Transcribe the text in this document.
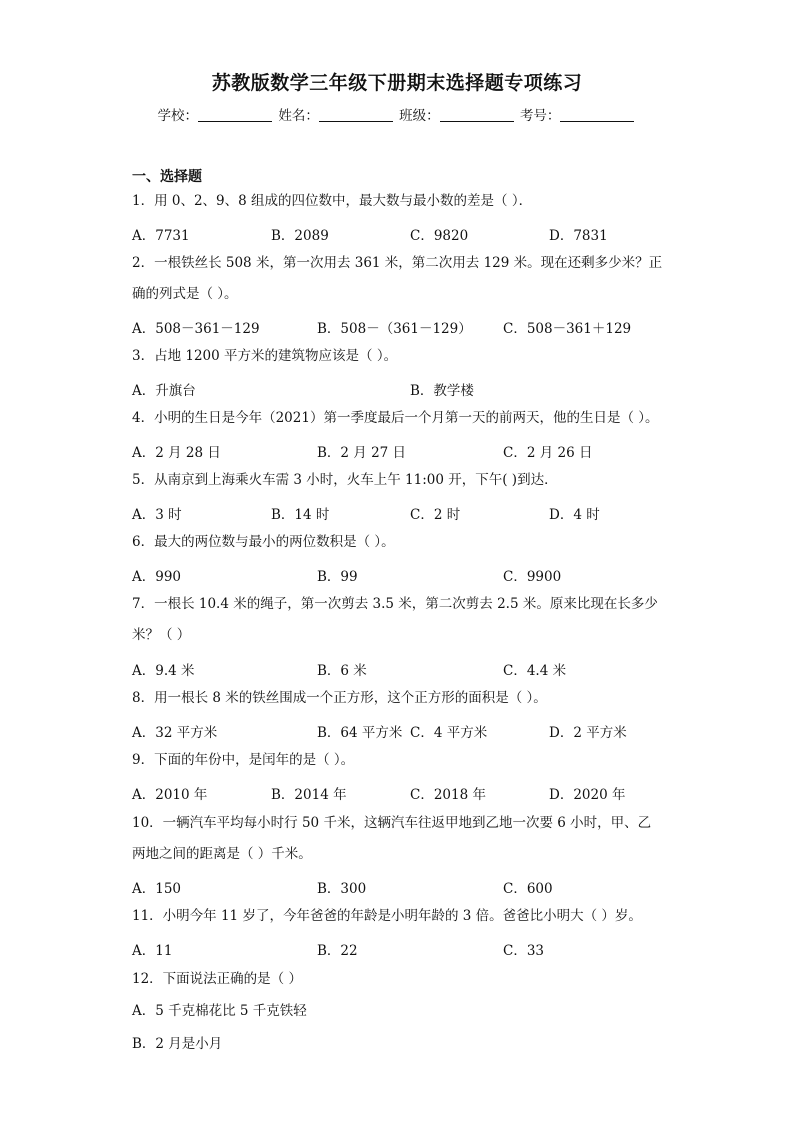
苏教版数学三年级下册期末选择题专项练习
学校：	姓名：	班级：	考号：
一、选择题
1．用 0、2、9、8 组成的四位数中，最大数与最小数的差是（ ）．
A．7731	B．2089	C．9820	D．7831
2．一根铁丝长 508 米，第一次用去 361 米，第二次用去 129 米。现在还剩多少米？正
确的列式是（ ）。
A．508－361－129	B．508－（361－129） C．508－361＋129
3．占地 1200 平方米的建筑物应该是（ ）。
A．升旗台	B．教学楼
4．小明的生日是今年（2021）第一季度最后一个月第一天的前两天，他的生日是（ ）。
A．2 月 28 日	B．2 月 27 日	C．2 月 26 日
5．从南京到上海乘火车需 3 小时，火车上午 11:00 开，下午( )到达．
A．3 时	B．14 时	C．2 时	D．4 时
6．最大的两位数与最小的两位数积是（ ）。
A．990	B．99	C．9900
7．一根长 10.4 米的绳子，第一次剪去 3.5 米，第二次剪去 2.5 米。原来比现在长多少
米？（ ）
A．9.4 米	B．6 米	C．4.4 米
8．用一根长 8 米的铁丝围成一个正方形，这个正方形的面积是（ ）。
A．32 平方米	B．64 平方米 C．4 平方米	D．2 平方米
9．下面的年份中，是闰年的是（ ）。
A．2010 年	B．2014 年	C．2018 年	D．2020 年
10．一辆汽车平均每小时行 50 千米，这辆汽车往返甲地到乙地一次要 6 小时，甲、乙
两地之间的距离是（ ）千米。
A．150	B．300	C．600
11．小明今年 11 岁了，今年爸爸的年龄是小明年龄的 3 倍。爸爸比小明大（ ）岁。
A．11	B．22	C．33
12．下面说法正确的是（ ）
A．5 千克棉花比 5 千克铁轻
B．2 月是小月
